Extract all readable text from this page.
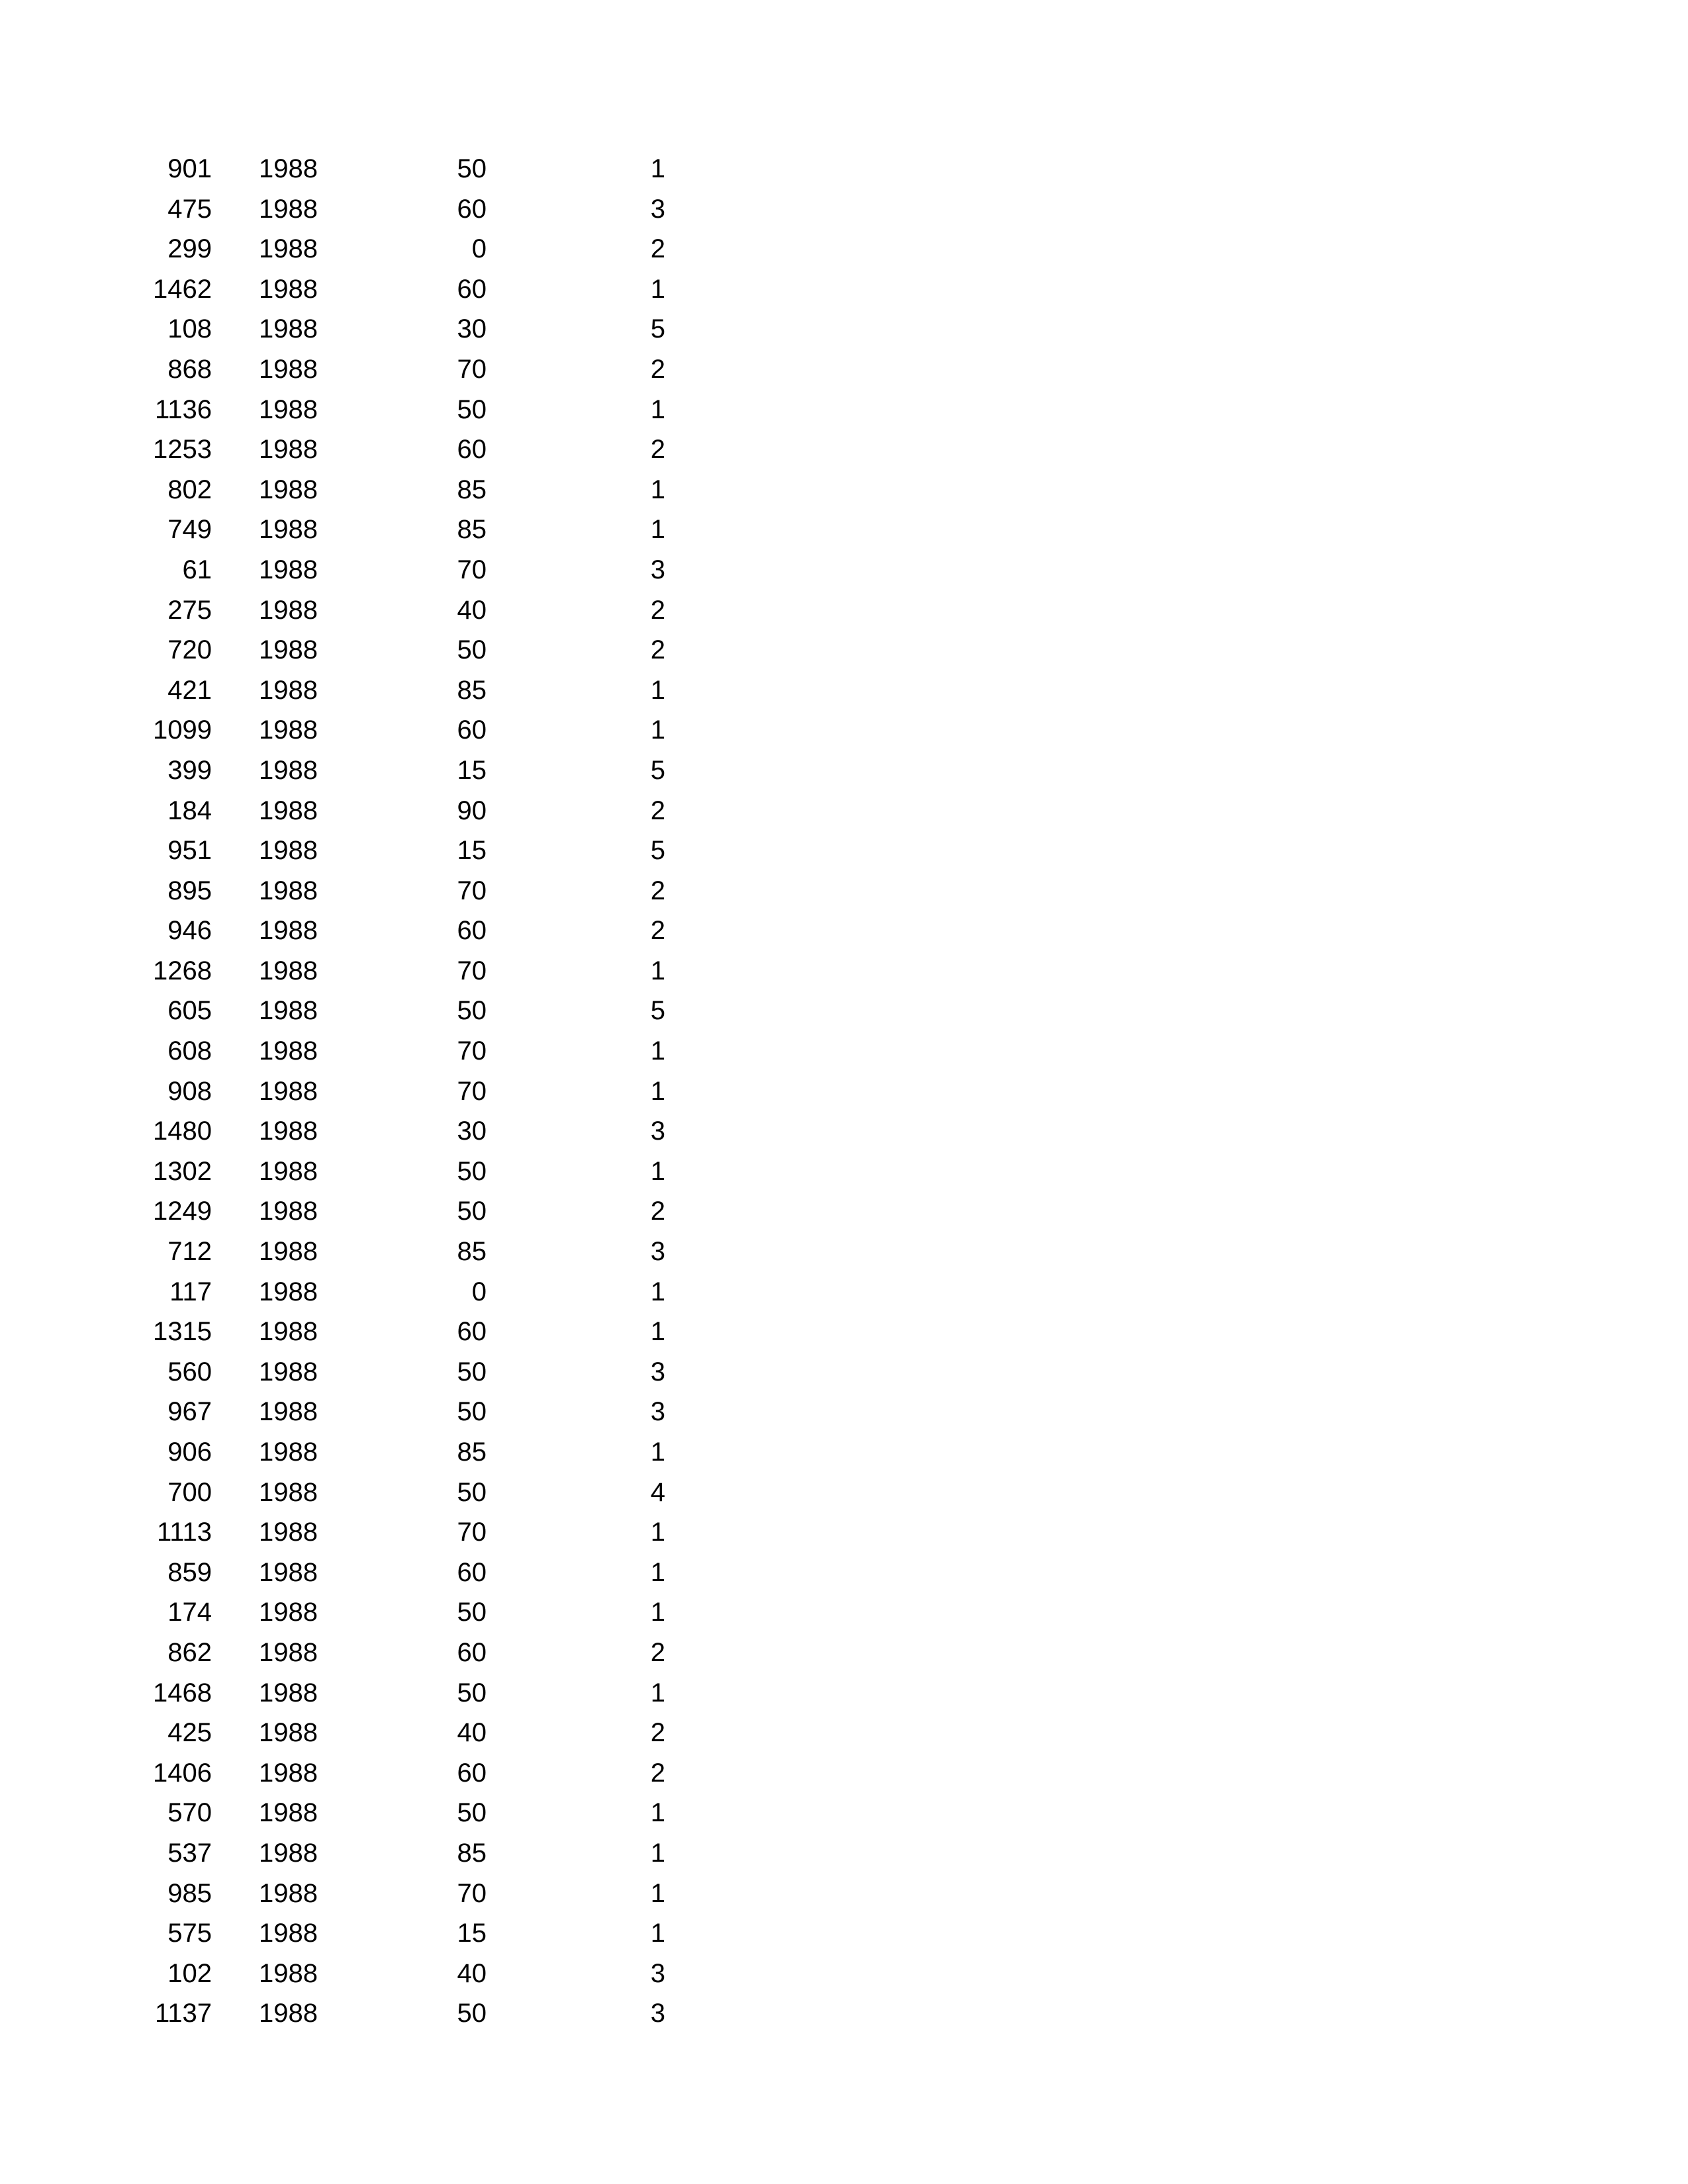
901	1988	50	1
475	1988	60	3
299	1988	0	2
1462	1988	60	1
108	1988	30	5
868	1988	70	2
1136	1988	50	1
1253	1988	60	2
802	1988	85	1
749	1988	85	1
61	1988	70	3
275	1988	40	2
720	1988	50	2
421	1988	85	1
1099	1988	60	1
399	1988	15	5
184	1988	90	2
951	1988	15	5
895	1988	70	2
946	1988	60	2
1268	1988	70	1
605	1988	50	5
608	1988	70	1
908	1988	70	1
1480	1988	30	3
1302	1988	50	1
1249	1988	50	2
712	1988	85	3
117	1988	0	1
1315	1988	60	1
560	1988	50	3
967	1988	50	3
906	1988	85	1
700	1988	50	4
1113	1988	70	1
859	1988	60	1
174	1988	50	1
862	1988	60	2
1468	1988	50	1
425	1988	40	2
1406	1988	60	2
570	1988	50	1
537	1988	85	1
985	1988	70	1
575	1988	15	1
102	1988	40	3
1137	1988	50	3
